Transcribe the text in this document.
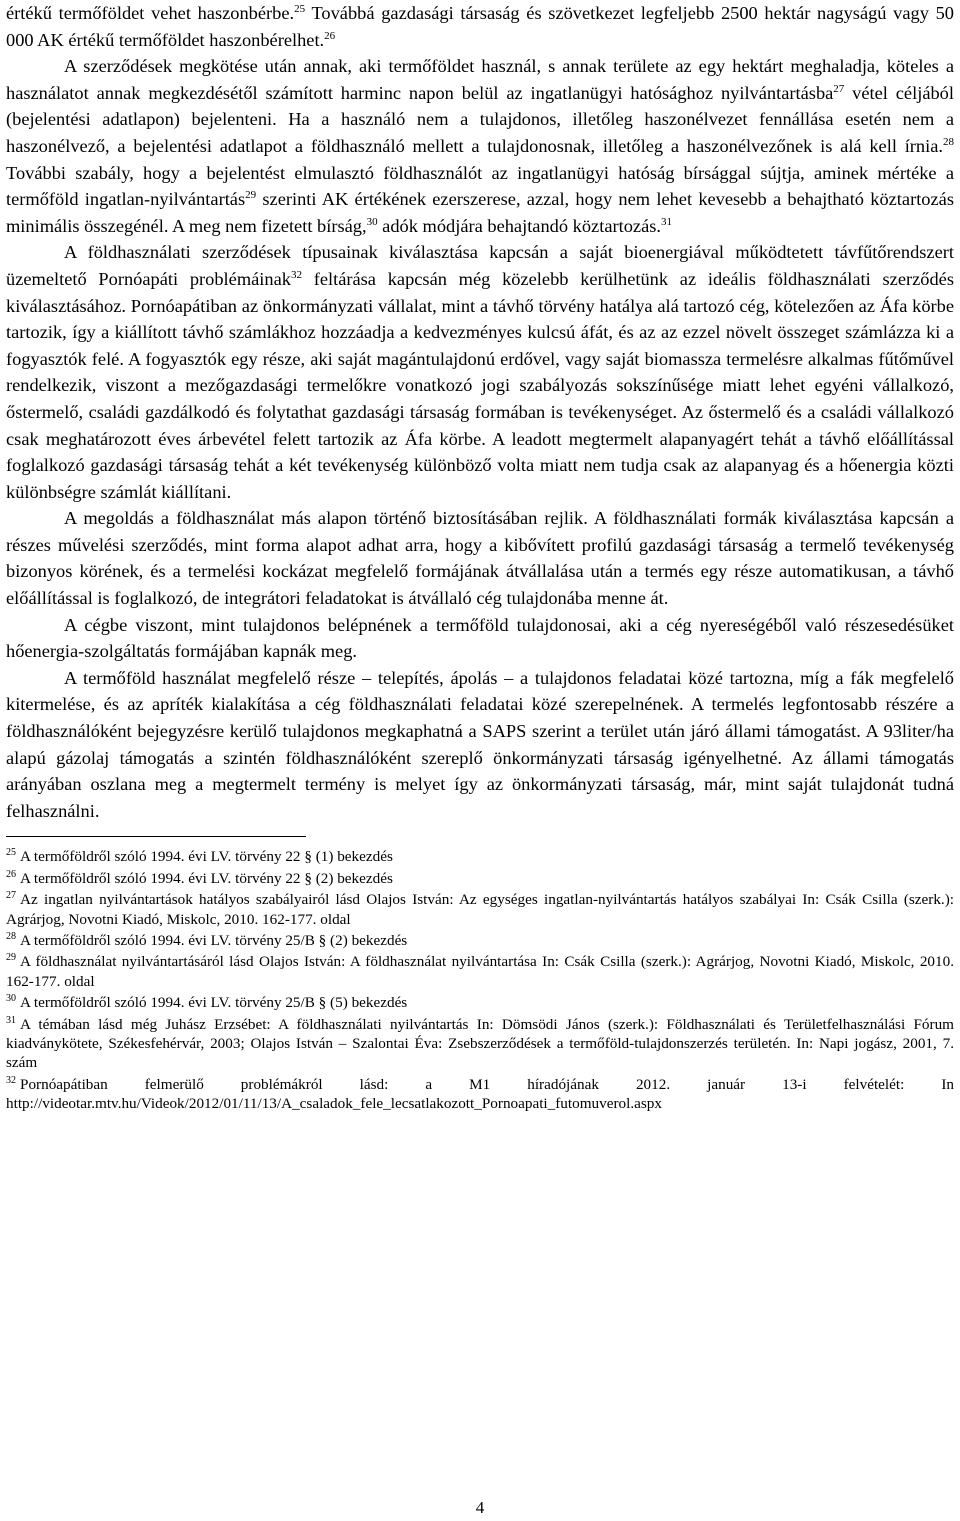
értékű termőföldet vehet haszonbérbe.$^{25}$ Továbbá gazdasági társaság és szövetkezet legfeljebb 2500 hektár nagyságú vagy 50 000 AK értékű termőföldet haszonbérelhet.$^{26}$

A szerződések megkötése után annak, aki termőföldet használ, s annak területe az egy hektárt meghaladja, köteles a használatot annak megkezdésétől számított harminc napon belül az ingatlanügyi hatósághoz nyilvántartásba$^{27}$ vétel céljából (bejelentési adatlapon) bejelenteni. Ha a használó nem a tulajdonos, illetőleg haszonélvezet fennállása esetén nem a haszonélvező, a bejelentési adatlapot a földhasználó mellett a tulajdonosnak, illetőleg a haszonélvezőnek is alá kell írnia.$^{28}$ További szabály, hogy a bejelentést elmulasztó földhasználót az ingatlanügyi hatóság bírsággal sújtja, aminek mértéke a termőföld ingatlan-nyilvántartás$^{29}$ szerinti AK értékének ezerszerese, azzal, hogy nem lehet kevesebb a behajtható köztartozás minimális összegénél. A meg nem fizetett bírság,$^{30}$ adók módjára behajtandó köztartozás.$^{31}$

A földhasználati szerződések típusainak kiválasztása kapcsán a saját bioenergiával működtetett távfűtőrendszert üzemeltető Pornóapáti problémáinak$^{32}$ feltárása kapcsán még közelebb kerülhetünk az ideális földhasználati szerződés kiválasztásához. Pornóapátiban az önkormányzati vállalat, mint a távhő törvény hatálya alá tartozó cég, kötelezően az Áfa körbe tartozik, így a kiállított távhő számlákhoz hozzáadja a kedvezményes kulcsú áfát, és az az ezzel növelt összeget számlázza ki a fogyasztók felé. A fogyasztók egy része, aki saját magántulajdonú erdővel, vagy saját biomassza termelésre alkalmas fűtőművel rendelkezik, viszont a mezőgazdasági termelőkre vonatkozó jogi szabályozás sokszínűsége miatt lehet egyéni vállalkozó, őstermelő, családi gazdálkodó és folytathat gazdasági társaság formában is tevékenységet. Az őstermelő és a családi vállalkozó csak meghatározott éves árbevétel felett tartozik az Áfa körbe. A leadott megtermelt alapanyagért tehát a távhő előállítással foglalkozó gazdasági társaság tehát a két tevékenység különböző volta miatt nem tudja csak az alapanyag és a hőenergia közti különbségre számlát kiállítani.

A megoldás a földhasználat más alapon történő biztosításában rejlik. A földhasználati formák kiválasztása kapcsán a részes művelési szerződés, mint forma alapot adhat arra, hogy a kibővített profilú gazdasági társaság a termelő tevékenység bizonyos körének, és a termelési kockázat megfelelő formájának átvállalása után a termés egy része automatikusan, a távhő előállítással is foglalkozó, de integrátori feladatokat is átvállaló cég tulajdonába menne át.

A cégbe viszont, mint tulajdonos belépnének a termőföld tulajdonosai, aki a cég nyereségéből való részesedésüket hőenergia-szolgáltatás formájában kapnák meg.

A termőföld használat megfelelő része – telepítés, ápolás – a tulajdonos feladatai közé tartozna, míg a fák megfelelő kitermelése, és az apríték kialakítása a cég földhasználati feladatai közé szerepelnének. A termelés legfontosabb részére a földhasználóként bejegyzésre kerülő tulajdonos megkaphatná a SAPS szerint a terület után járó állami támogatást. A 93liter/ha alapú gázolaj támogatás a szintén földhasználóként szereplő önkormányzati társaság igényelhetné. Az állami támogatás arányában oszlana meg a megtermelt termény is melyet így az önkormányzati társaság, már, mint saját tulajdonát tudná felhasználni.

$^{25}$ A termőföldről szóló 1994. évi LV. törvény 22 § (1) bekezdés

$^{26}$ A termőföldről szóló 1994. évi LV. törvény 22 § (2) bekezdés

$^{27}$ Az ingatlan nyilvántartások hatályos szabályairól lásd Olajos István: Az egységes ingatlan-nyilvántartás hatályos szabályai In: Csák Csilla (szerk.): Agrárjog, Novotni Kiadó, Miskolc, 2010. 162-177. oldal

$^{28}$ A termőföldről szóló 1994. évi LV. törvény 25/B § (2) bekezdés

$^{29}$ A földhasználat nyilvántartásáról lásd Olajos István: A földhasználat nyilvántartása In: Csák Csilla (szerk.): Agrárjog, Novotni Kiadó, Miskolc, 2010. 162-177. oldal

$^{30}$ A termőföldről szóló 1994. évi LV. törvény 25/B § (5) bekezdés

$^{31}$ A témában lásd még Juhász Erzsébet: A földhasználati nyilvántartás In: Dömsödi János (szerk.): Földhasználati és Területfelhasználási Fórum kiadványkötete, Székesfehérvár, 2003; Olajos István – Szalontai Éva: Zsebszerződések a termőföld-tulajdonszerzés területén. In: Napi jogász, 2001, 7. szám

$^{32}$ Pornóapátiban felmerülő problémákról lásd: a M1 híradójának 2012. január 13-i felvételét: In http://videotar.mtv.hu/Videok/2012/01/11/13/A_csaladok_fele_lecsatlakozott_Pornoapati_futomuverol.aspx

4
